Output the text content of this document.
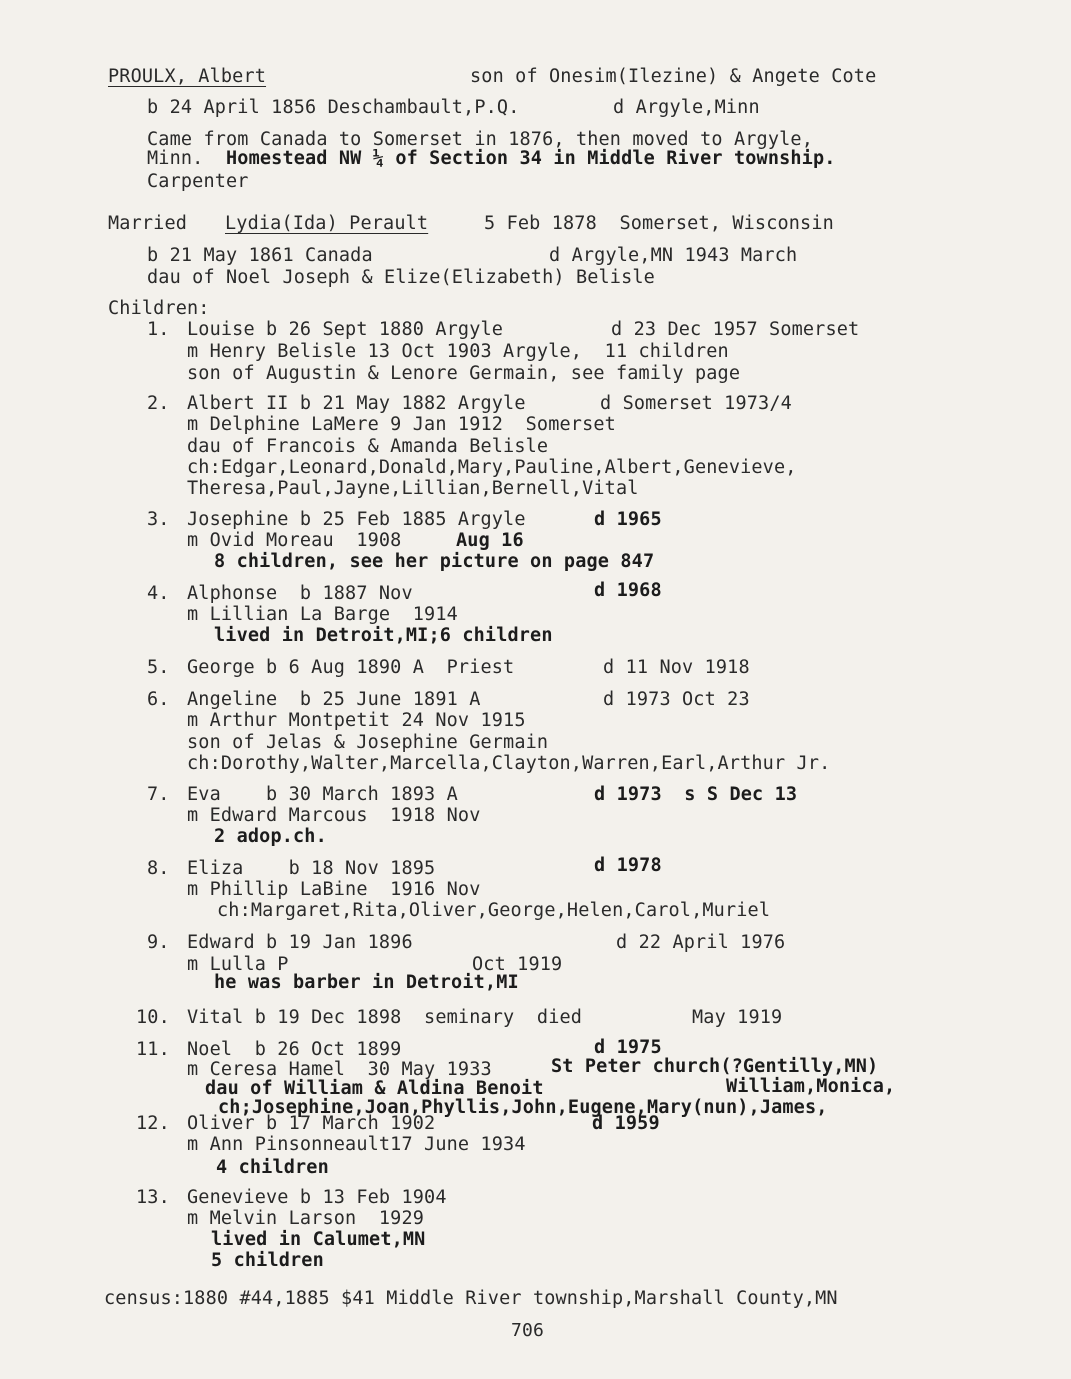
PROULX, Albert	son of Onesim(Ilezine) & Angete Cote
b 24 April 1856 Deschambault,P.Q.	d Argyle,Minn
Came from Canada to Somerset in 1876, then moved to Argyle,
Minn. Homestead NW ¼ of Section 34 in Middle River township.
Carpenter
Married Lydia(Ida) Perault	5 Feb 1878  Somerset, Wisconsin
b 21 May 1861 Canada	d Argyle,MN 1943 March
dau of Noel Joseph & Elize(Elizabeth) Belisle
Children:
1. Louise b 26 Sept 1880 Argyle	d 23 Dec 1957 Somerset
m Henry Belisle 13 Oct 1903 Argyle,  11 children
son of Augustin & Lenore Germain, see family page
2. Albert II b 21 May 1882 Argyle	d Somerset 1973/4
m Delphine LaMere 9 Jan 1912  Somerset
dau of Francois & Amanda Belisle
ch:Edgar,Leonard,Donald,Mary,Pauline,Albert,Genevieve,
Theresa,Paul,Jayne,Lillian,Bernell,Vital
3. Josephine b 25 Feb 1885 Argyle	d 1965
m Ovid Moreau  1908	Aug 16
8 children, see her picture on page 847
4. Alphonse  b 1887 Nov	d 1968
m Lillian La Barge  1914
lived in Detroit,MI;6 children
5. George b 6 Aug 1890 A  Priest	d 11 Nov 1918
6. Angeline  b 25 June 1891 A	d 1973 Oct 23
m Arthur Montpetit 24 Nov 1915
son of Jelas & Josephine Germain
ch:Dorothy,Walter,Marcella,Clayton,Warren,Earl,Arthur Jr.
7. Eva    b 30 March 1893 A	d 1973  s S Dec 13
m Edward Marcous  1918 Nov
2 adop.ch.
8. Eliza    b 18 Nov 1895	d 1978
m Phillip LaBine  1916 Nov
ch:Margaret,Rita,Oliver,George,Helen,Carol,Muriel
9. Edward b 19 Jan 1896	d 22 April 1976
m Lulla P	Oct 1919
he was barber in Detroit,MI
10. Vital b 19 Dec 1898  seminary  died	May 1919
11. Noel  b 26 Oct 1899	d 1975
m Ceresa Hamel  30 May 1933	St Peter church(?Gentilly,MN)
dau of William & Aldina Benoit	William,Monica,
ch;Josephine,Joan,Phyllis,John,Eugene,Mary(nun),James,
12. Oliver b 17 March 1902	d 1959
m Ann Pinsonneault17 June 1934
4 children
13. Genevieve b 13 Feb 1904
m Melvin Larson  1929
lived in Calumet,MN
5 children
census:1880 #44,1885 $41 Middle River township,Marshall County,MN
706
